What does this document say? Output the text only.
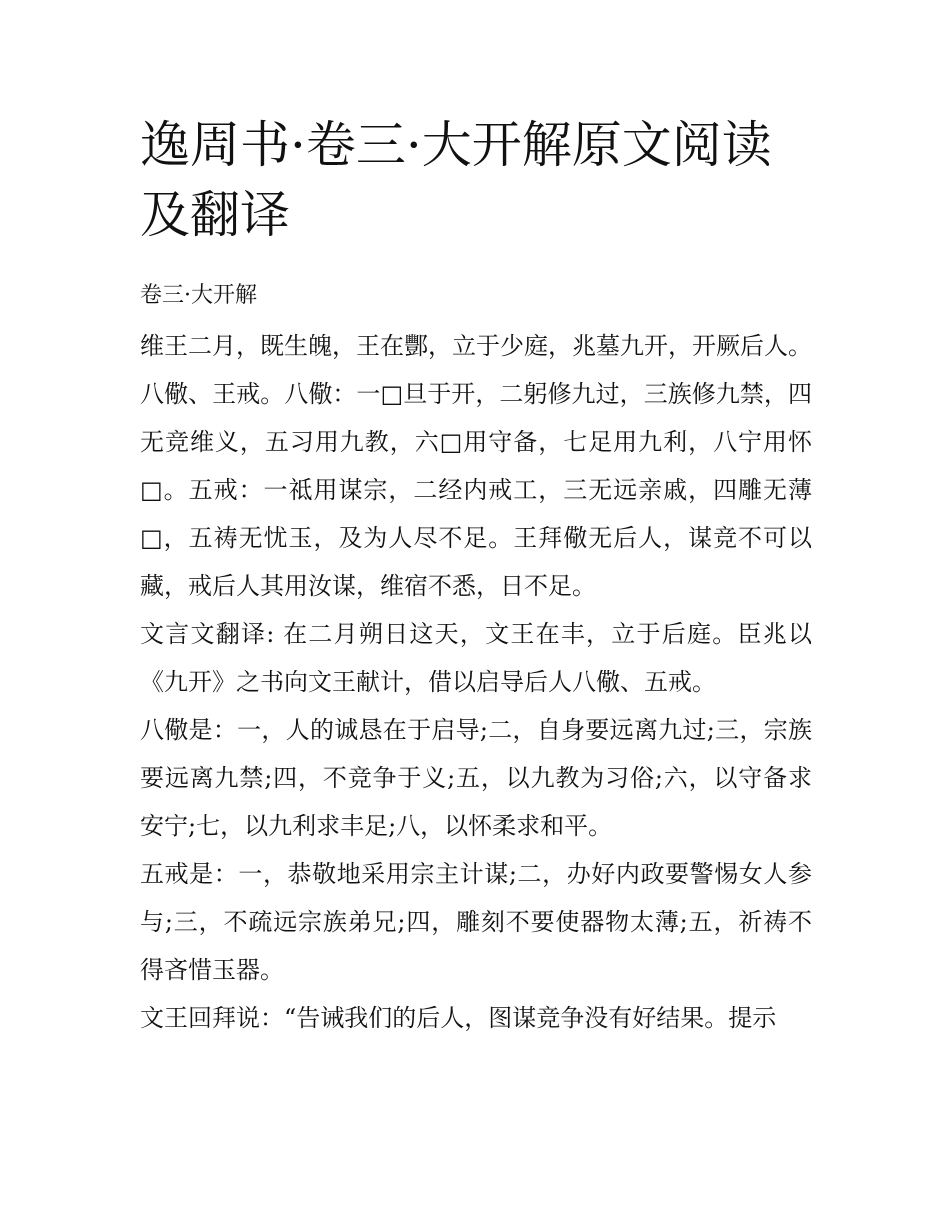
逸周书·卷三·大开解原文阅读及翻译

卷三·大开解

维王二月，既生魄，王在酆，立于少庭，兆墓九开，开厥后人。八儆、王戒。八儆：一□旦于开，二躬修九过，三族修九禁，四无竞维义，五习用九教，六□用守备，七足用九利，八宁用怀□。五戒：一祗用谋宗，二经内戒工，三无远亲戚，四雕无薄□，五祷无忧玉，及为人尽不足。王拜儆无后人，谋竞不可以藏，戒后人其用汝谋，维宿不悉，日不足。

文言文翻译: 在二月朔日这天，文王在丰，立于后庭。臣兆以《九开》之书向文王献计，借以启导后人八儆、五戒。

八儆是：一，人的诚恳在于启导;二，自身要远离九过;三，宗族要远离九禁;四，不竞争于义;五，以九教为习俗;六，以守备求安宁;七，以九利求丰足;八，以怀柔求和平。

五戒是：一，恭敬地采用宗主计谋;二，办好内政要警惕女人参与;三，不疏远宗族弟兄;四，雕刻不要使器物太薄;五，祈祷不得吝惜玉器。

文王回拜说：“告诫我们的后人，图谋竞争没有好结果。提示
